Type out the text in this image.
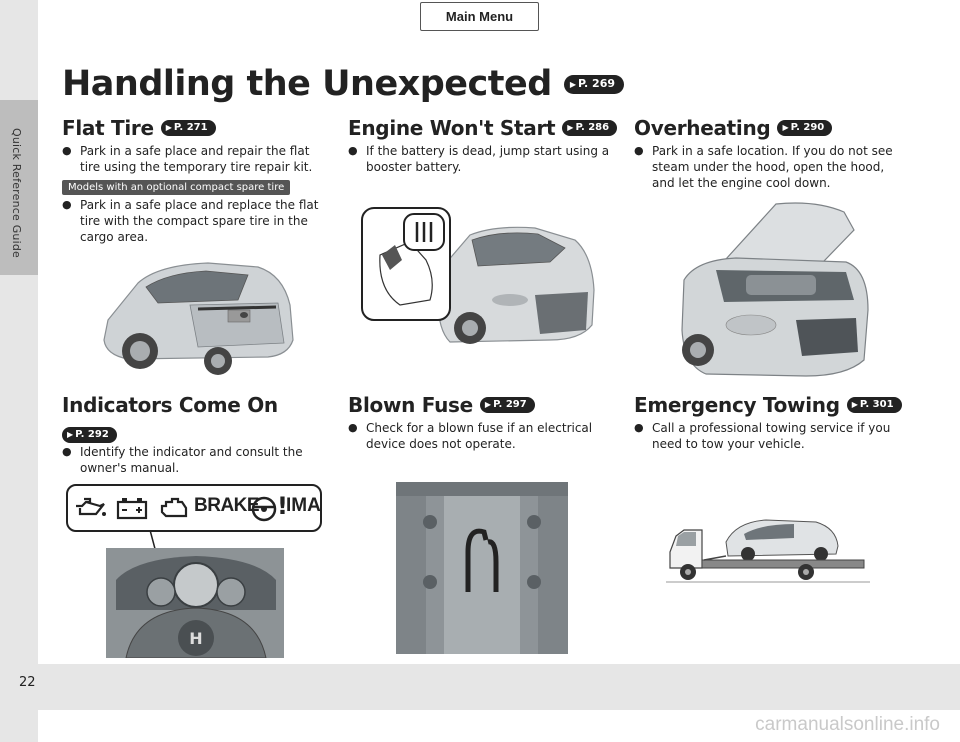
Quick Reference Guide
Main Menu
Handling the Unexpected	▶ P. 269
Flat Tire	▶ P. 271
● Park in a safe place and repair the flat tire using the temporary tire repair kit.
Models with an optional compact spare tire
● Park in a safe place and replace the flat tire with the compact spare tire in the cargo area.
Engine Won't Start	▶ P. 286
● If the battery is dead, jump start using a booster battery.
Overheating	▶ P. 290
● Park in a safe location. If you do not see steam under the hood, open the hood, and let the engine cool down.
Indicators Come On
▶ P. 292
● Identify the indicator and consult the owner's manual.
BRAKE !
IMA
H
Blown Fuse	▶ P. 297
● Check for a blown fuse if an electrical device does not operate.
Emergency Towing	▶ P. 301
● Call a professional towing service if you need to tow your vehicle.
22
carmanualsonline.info
